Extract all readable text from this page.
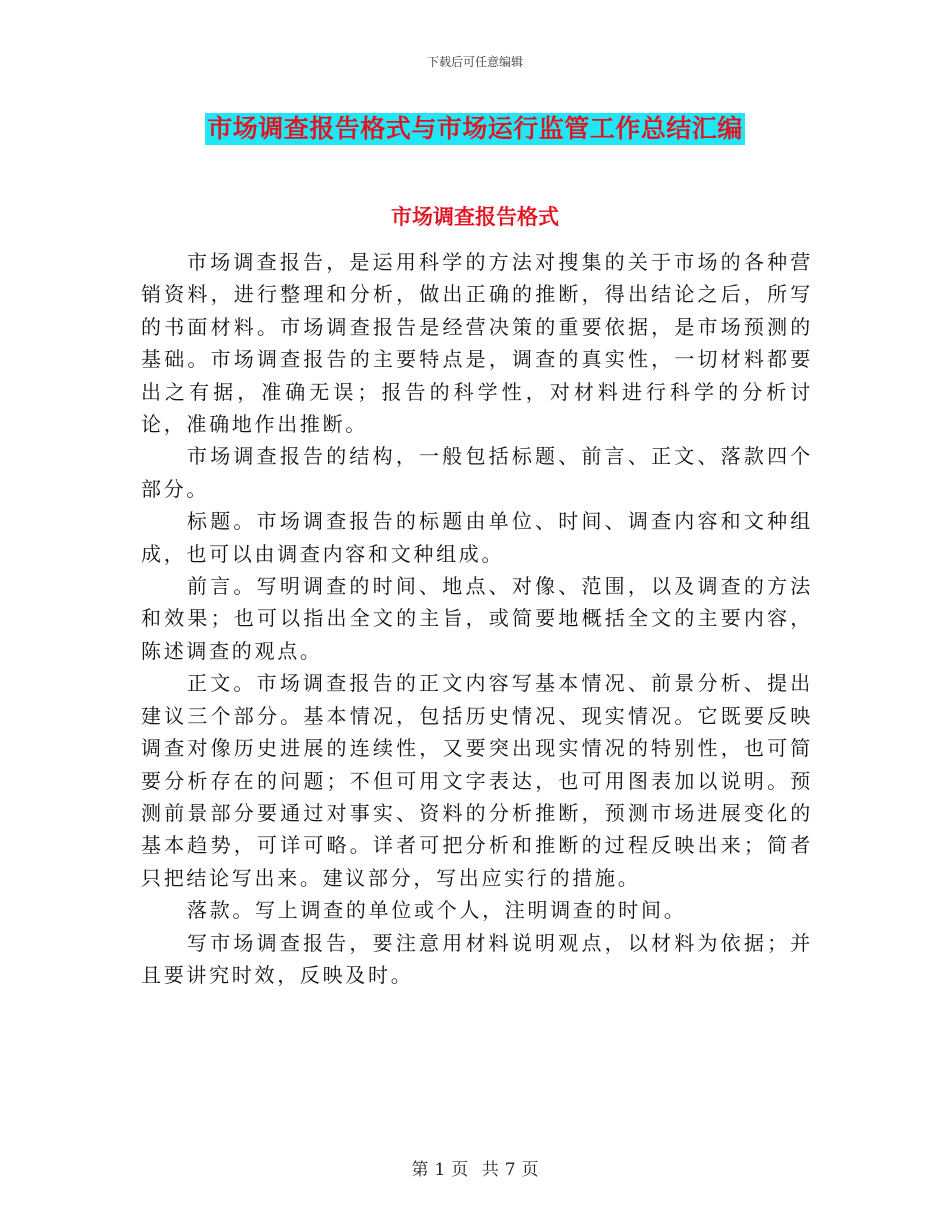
下载后可任意编辑
市场调查报告格式与市场运行监管工作总结汇编
市场调查报告格式

市场调查报告，是运用科学的方法对搜集的关于市场的各种营销资料，进行整理和分析，做出正确的推断，得出结论之后，所写的书面材料。市场调查报告是经营决策的重要依据，是市场预测的基础。市场调查报告的主要特点是，调查的真实性，一切材料都要出之有据，准确无误；报告的科学性，对材料进行科学的分析讨论，准确地作出推断。

市场调查报告的结构，一般包括标题、前言、正文、落款四个部分。

标题。市场调查报告的标题由单位、时间、调查内容和文种组成，也可以由调查内容和文种组成。

前言。写明调查的时间、地点、对像、范围，以及调查的方法和效果；也可以指出全文的主旨，或简要地概括全文的主要内容，陈述调查的观点。

正文。市场调查报告的正文内容写基本情况、前景分析、提出建议三个部分。基本情况，包括历史情况、现实情况。它既要反映调查对像历史进展的连续性，又要突出现实情况的特别性，也可简要分析存在的问题；不但可用文字表达，也可用图表加以说明。预测前景部分要通过对事实、资料的分析推断，预测市场进展变化的基本趋势，可详可略。详者可把分析和推断的过程反映出来；简者只把结论写出来。建议部分，写出应实行的措施。

落款。写上调查的单位或个人，注明调查的时间。

写市场调查报告，要注意用材料说明观点，以材料为依据；并且要讲究时效，反映及时。

第 1 页 共 7 页
